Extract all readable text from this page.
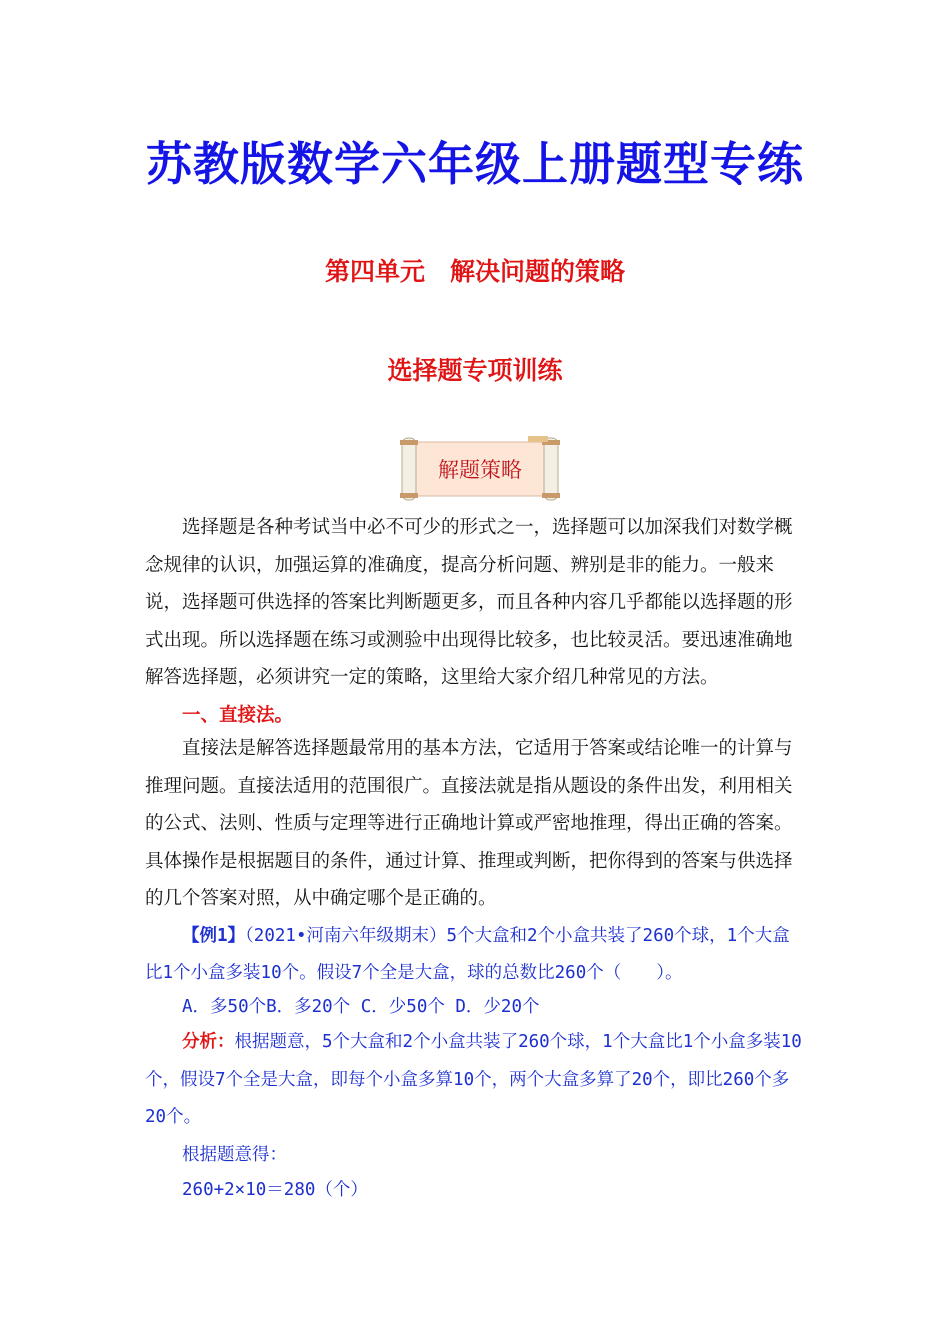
苏教版数学六年级上册题型专练
第四单元　解决问题的策略
选择题专项训练
解题策略

选择题是各种考试当中必不可少的形式之一，选择题可以加深我们对数学概念规律的认识，加强运算的准确度，提高分析问题、辨别是非的能力。一般来说，选择题可供选择的答案比判断题更多，而且各种内容几乎都能以选择题的形式出现。所以选择题在练习或测验中出现得比较多，也比较灵活。要迅速准确地解答选择题，必须讲究一定的策略，这里给大家介绍几种常见的方法。

一、直接法。

直接法是解答选择题最常用的基本方法，它适用于答案或结论唯一的计算与推理问题。直接法适用的范围很广。直接法就是指从题设的条件出发，利用相关的公式、法则、性质与定理等进行正确地计算或严密地推理，得出正确的答案。具体操作是根据题目的条件，通过计算、推理或判断，把你得到的答案与供选择的几个答案对照，从中确定哪个是正确的。

【例1】（2021•河南六年级期末）5个大盒和2个小盒共装了260个球，1个大盒比1个小盒多装10个。假设7个全是大盒，球的总数比260个（　　）。

A．多50个B．多20个 C．少50个 D．少20个

分析：根据题意，5个大盒和2个小盒共装了260个球，1个大盒比1个小盒多装10个，假设7个全是大盒，即每个小盒多算10个，两个大盒多算了20个，即比260个多20个。

根据题意得：
260+2×10＝280（个）
